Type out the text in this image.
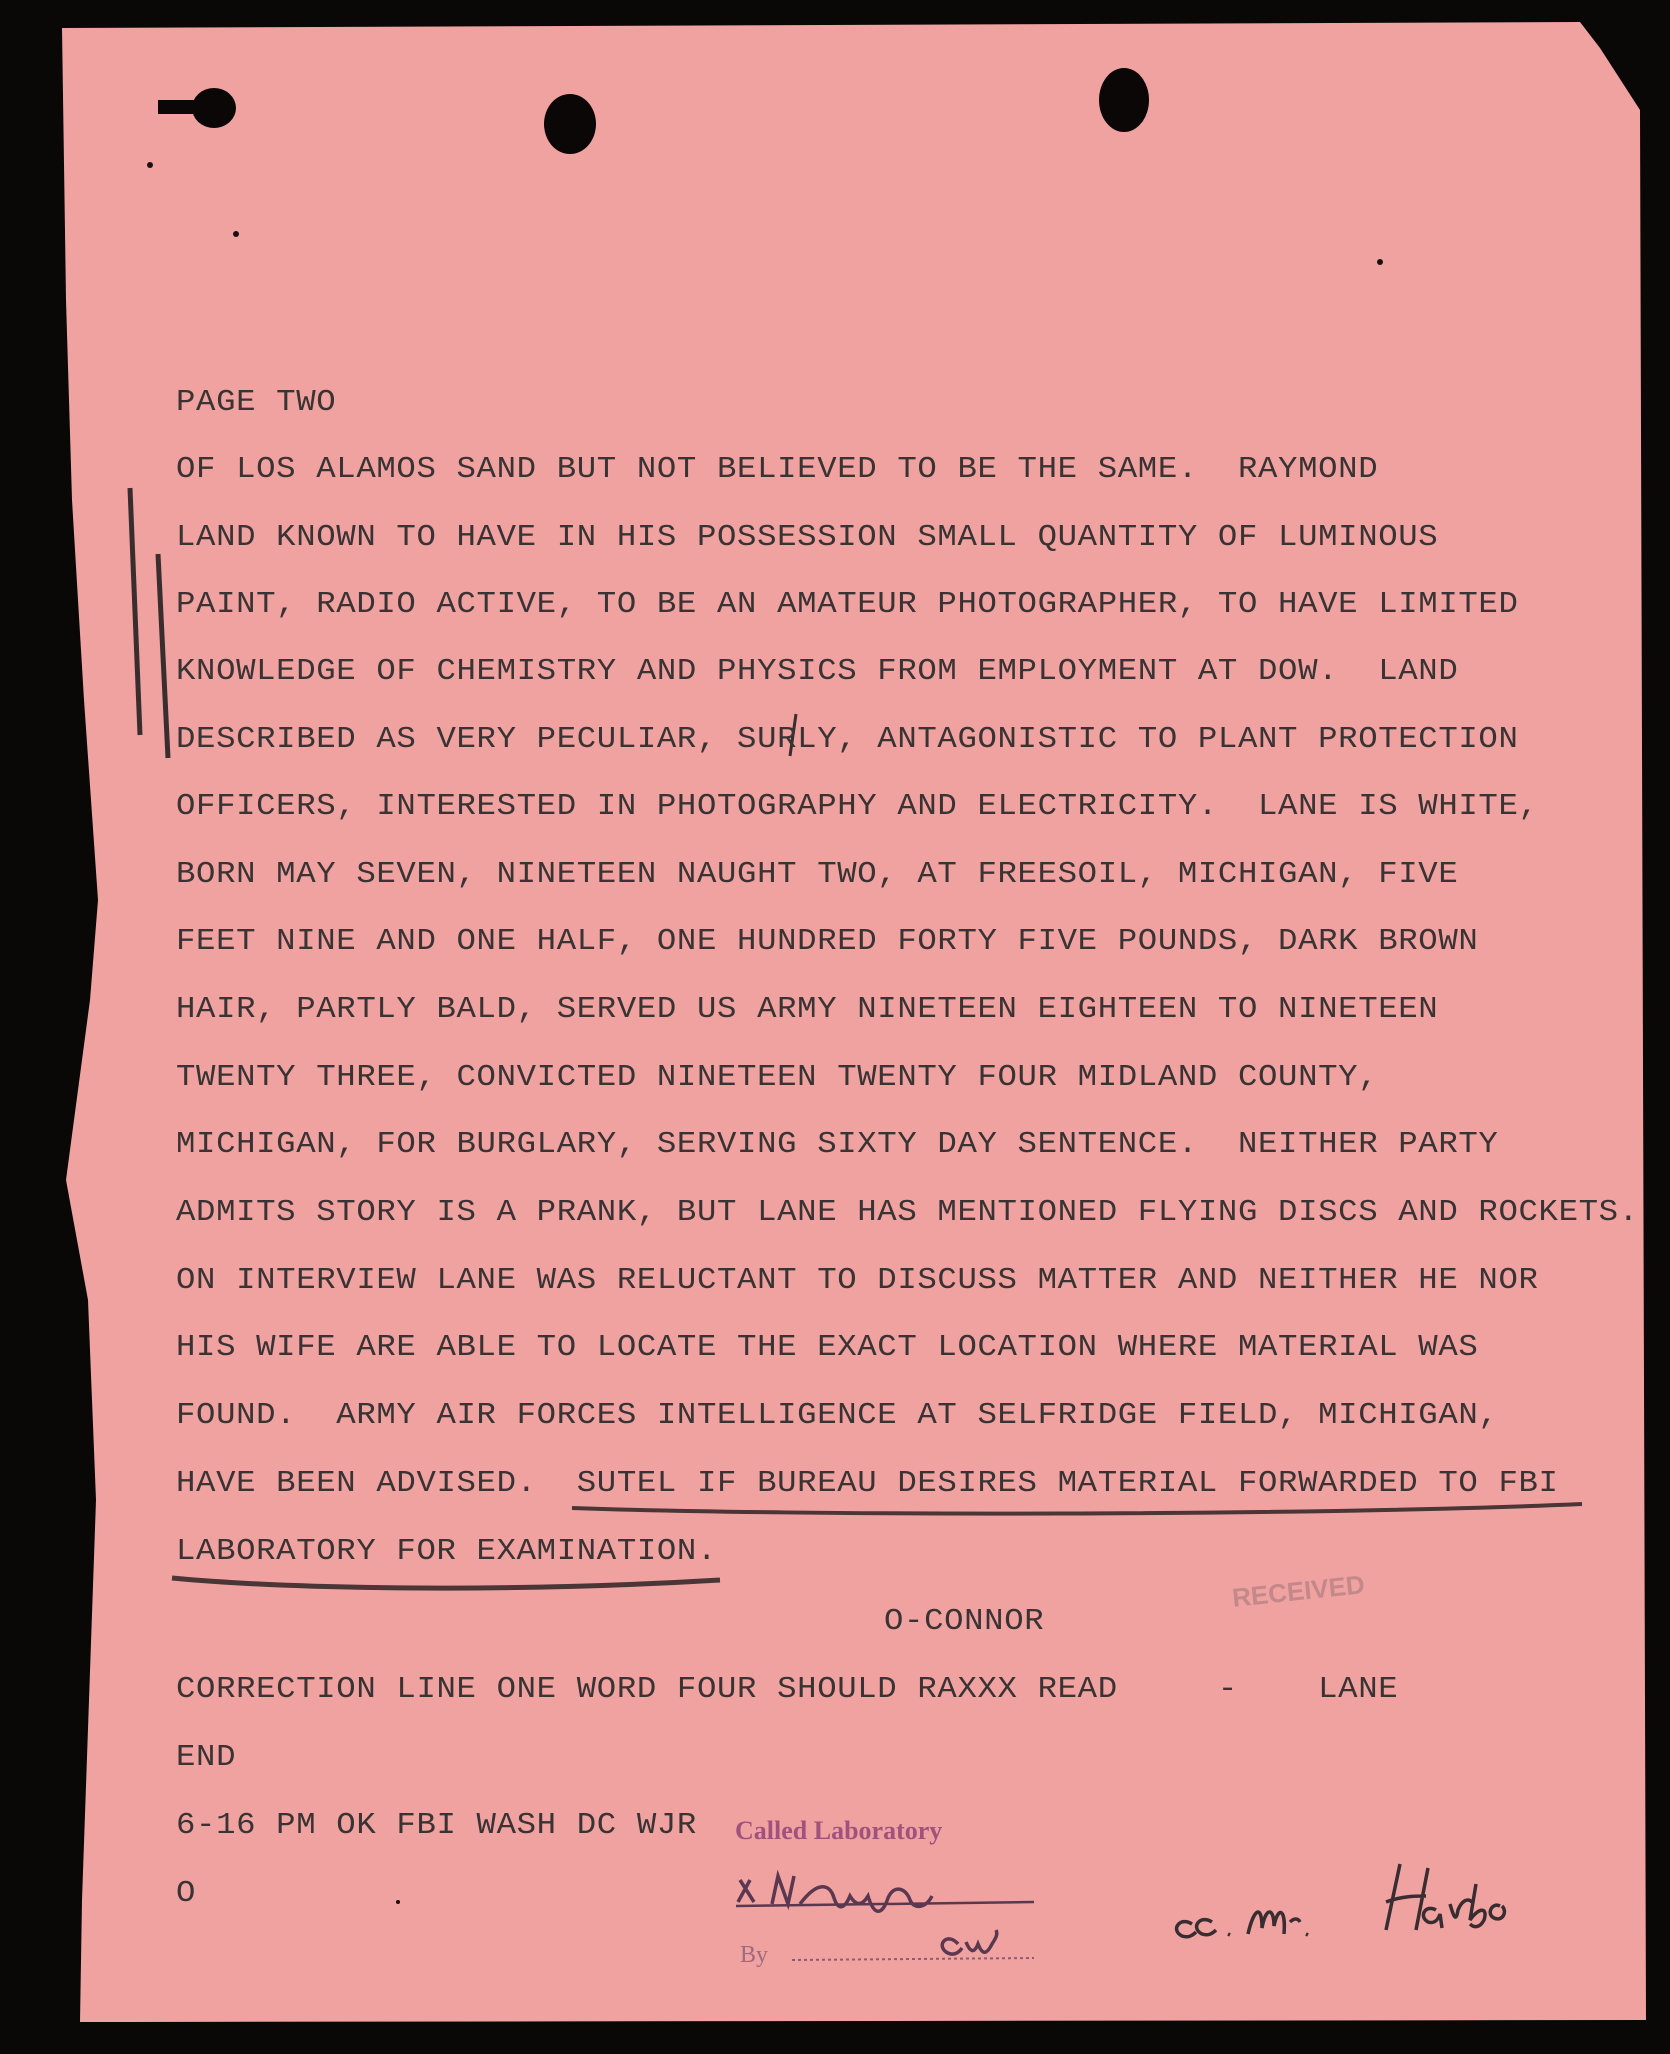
PAGE TWO

OF LOS ALAMOS SAND BUT NOT BELIEVED TO BE THE SAME.  RAYMOND

LAND KNOWN TO HAVE IN HIS POSSESSION SMALL QUANTITY OF LUMINOUS

PAINT, RADIO ACTIVE, TO BE AN AMATEUR PHOTOGRAPHER, TO HAVE LIMITED

KNOWLEDGE OF CHEMISTRY AND PHYSICS FROM EMPLOYMENT AT DOW.  LAND

DESCRIBED AS VERY PECULIAR, SURLY, ANTAGONISTIC TO PLANT PROTECTION

OFFICERS, INTERESTED IN PHOTOGRAPHY AND ELECTRICITY.  LANE IS WHITE,

BORN MAY SEVEN, NINETEEN NAUGHT TWO, AT FREESOIL, MICHIGAN, FIVE

FEET NINE AND ONE HALF, ONE HUNDRED FORTY FIVE POUNDS, DARK BROWN

HAIR, PARTLY BALD, SERVED US ARMY NINETEEN EIGHTEEN TO NINETEEN

TWENTY THREE, CONVICTED NINETEEN TWENTY FOUR MIDLAND COUNTY,

MICHIGAN, FOR BURGLARY, SERVING SIXTY DAY SENTENCE.  NEITHER PARTY

ADMITS STORY IS A PRANK, BUT LANE HAS MENTIONED FLYING DISCS AND ROCKETS.

ON INTERVIEW LANE WAS RELUCTANT TO DISCUSS MATTER AND NEITHER HE NOR

HIS WIFE ARE ABLE TO LOCATE THE EXACT LOCATION WHERE MATERIAL WAS

FOUND.  ARMY AIR FORCES INTELLIGENCE AT SELFRIDGE FIELD, MICHIGAN,

HAVE BEEN ADVISED.  SUTEL IF BUREAU DESIRES MATERIAL FORWARDED TO FBI

LABORATORY FOR EXAMINATION.

O-CONNOR

CORRECTION LINE ONE WORD FOUR SHOULD RAXXX READ     -    LANE

END

6-16 PM OK FBI WASH DC WJR

O

Called Laboratory
By
RECEIVED
